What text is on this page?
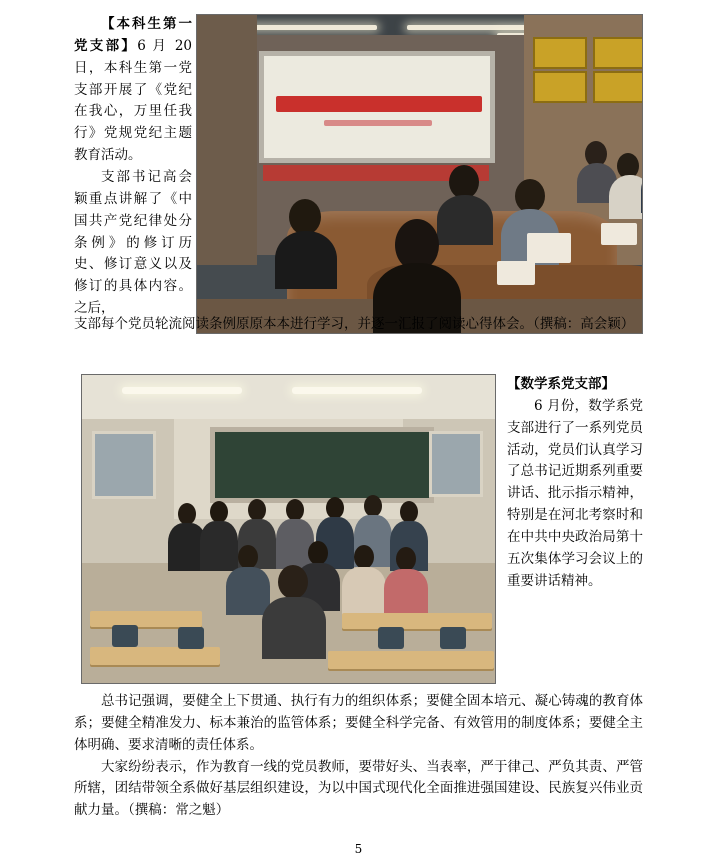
【本科生第一党支部】6 月 20 日，本科生第一党支部开展了《党纪在我心，万里任我行》党规党纪主题教育活动。

支部书记高会颖重点讲解了《中国共产党纪律处分条例》的修订历史、修订意义以及修订的具体内容。之后，

支部每个党员轮流阅读条例原原本本进行学习，并逐一汇报了阅读心得体会。（撰稿：高会颖）

【数学系党支部】

6 月份，数学系党支部进行了一系列党员活动，党员们认真学习了总书记近期系列重要讲话、批示指示精神，特别是在河北考察时和在中共中央政治局第十五次集体学习会议上的重要讲话精神。

总书记强调，要健全上下贯通、执行有力的组织体系；要健全固本培元、凝心铸魂的教育体系；要健全精准发力、标本兼治的监管体系；要健全科学完备、有效管用的制度体系；要健全主体明确、要求清晰的责任体系。

大家纷纷表示，作为教育一线的党员教师，要带好头、当表率，严于律己、严负其责、严管所辖，团结带领全系做好基层组织建设，为以中国式现代化全面推进强国建设、民族复兴伟业贡献力量。（撰稿：常之魁）

5
